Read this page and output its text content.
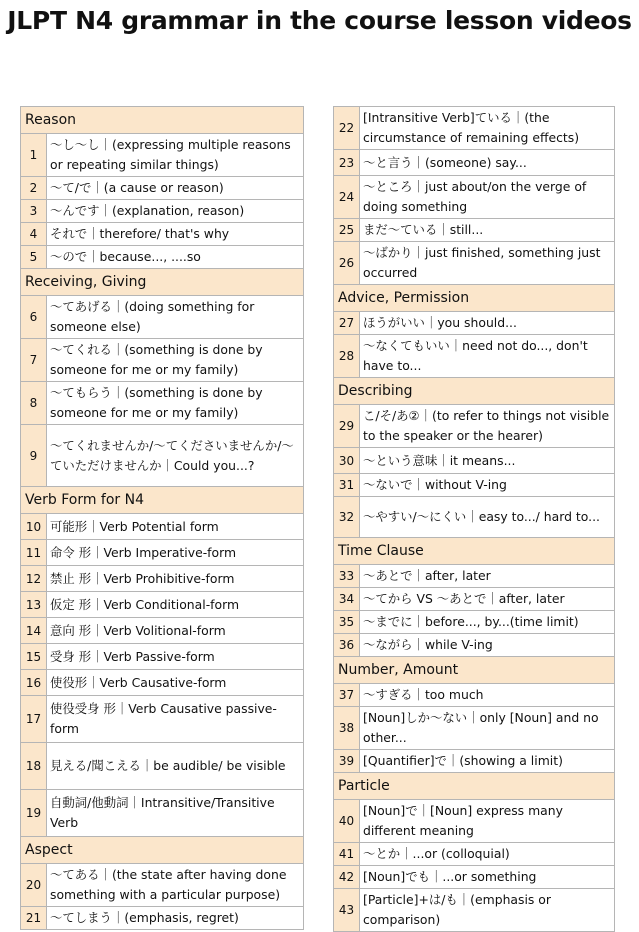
JLPT N4 grammar in the course lesson videos
Reason
1
〜し〜し｜(expressing multiple reasons or repeating similar things)
2	〜て/で｜(a cause or reason)
3	〜んです｜(explanation, reason)
4	それで｜therefore/ that's why
5	〜ので｜because..., ....so
Receiving, Giving
6
〜てあげる｜(doing something for someone else)
7
〜てくれる｜(something is done by someone for me or my family)
8
〜てもらう｜(something is done by someone for me or my family)
9
〜てくれませんか/〜てくださいませんか/〜ていただけませんか｜Could you...?
Verb Form for N4
10 可能形｜Verb Potential form
11 命令 形｜Verb Imperative-form
12 禁止 形｜Verb Prohibitive-form
13 仮定 形｜Verb Conditional-form
14 意向 形｜Verb Volitional-form
15 受身 形｜Verb Passive-form
16 使役形｜Verb Causative-form
17
使役受身 形｜Verb Causative passive-form
18 見える/聞こえる｜be audible/ be visible
19
自動詞/他動詞｜Intransitive/Transitive Verb
Aspect
20
〜てある｜(the state after having done something with a particular purpose)
21 〜てしまう｜(emphasis, regret)
22
[Intransitive Verb]ている｜(the circumstance of remaining effects)
23 〜と言う｜(someone) say...
24
〜ところ｜just about/on the verge of doing something
25 まだ〜ている｜still...
26
〜ばかり｜just finished, something just occurred
Advice, Permission
27 ほうがいい｜you should...
28
〜なくてもいい｜need not do..., don't have to...
Describing
29
こ/そ/あ②｜(to refer to things not visible to the speaker or the hearer)
30 〜という意味｜it means...
31 〜ないで｜without V-ing
32 〜やすい/〜にくい｜easy to.../ hard to...
Time Clause
33 〜あとで｜after, later
34 〜てから VS 〜あとで｜after, later
35 〜までに｜before..., by...(time limit)
36 〜ながら｜while V-ing
Number, Amount
37 〜すぎる｜too much
38
[Noun]しか〜ない｜only [Noun] and no other...
39 [Quantifier]で｜(showing a limit)
Particle
40
[Noun]で｜[Noun] express many different meaning
41 〜とか｜...or (colloquial)
42 [Noun]でも｜...or something
43
[Particle]+は/も｜(emphasis or comparison)
